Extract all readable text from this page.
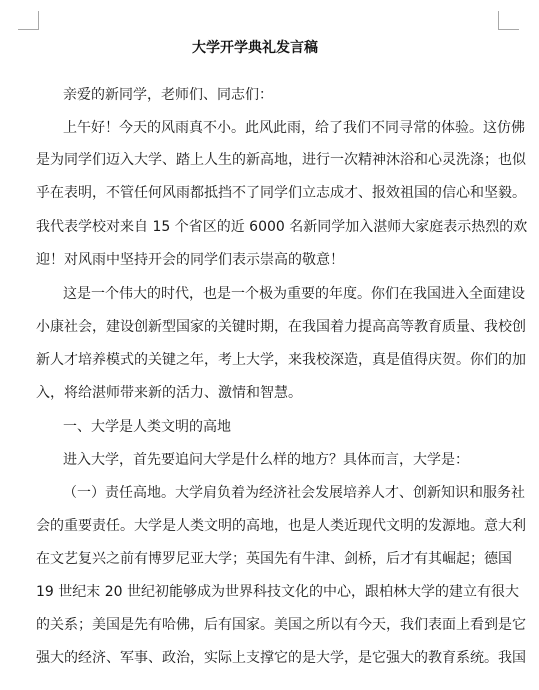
大学开学典礼发言稿
亲爱的新同学，老师们、同志们：
上午好！今天的风雨真不小。此风此雨，给了我们不同寻常的体验。这仿佛
是为同学们迈入大学、踏上人生的新高地，进行一次精神沐浴和心灵洗涤；也似
乎在表明，不管任何风雨都抵挡不了同学们立志成才、报效祖国的信心和坚毅。
我代表学校对来自 15 个省区的近 6000 名新同学加入湛师大家庭表示热烈的欢
迎！对风雨中坚持开会的同学们表示崇高的敬意！
这是一个伟大的时代，也是一个极为重要的年度。你们在我国进入全面建设
小康社会，建设创新型国家的关键时期，在我国着力提高高等教育质量、我校创
新人才培养模式的关键之年，考上大学，来我校深造，真是值得庆贺。你们的加
入，将给湛师带来新的活力、激情和智慧。
一、大学是人类文明的高地
进入大学，首先要追问大学是什么样的地方？具体而言，大学是：
（一）责任高地。大学肩负着为经济社会发展培养人才、创新知识和服务社
会的重要责任。大学是人类文明的高地，也是人类近现代文明的发源地。意大利
在文艺复兴之前有博罗尼亚大学；英国先有牛津、剑桥，后才有其崛起；德国
19 世纪末 20 世纪初能够成为世界科技文化的中心，跟柏林大学的建立有很大
的关系；美国是先有哈佛，后有国家。美国之所以有今天，我们表面上看到是它
强大的经济、军事、政治，实际上支撑它的是大学，是它强大的教育系统。我国
